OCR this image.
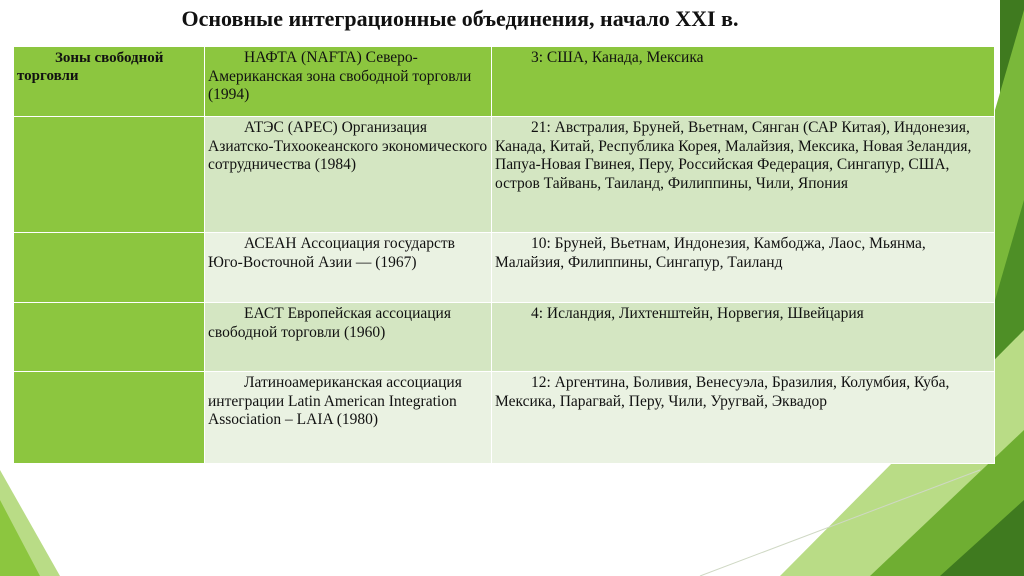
Основные интеграционные объединения, начало XXI в.
Зоны свободной торговли	НАФТА (NAFTA) Северо-Американская зона свободной торговли (1994)	3: США, Канада, Мексика

	АТЭС (APEC) Организация Азиатско-Тихоокеанского экономического сотрудничества (1984)	21: Австралия, Бруней, Вьетнам, Сянган (САР Китая), Индонезия, Канада, Китай, Республика Корея, Малайзия, Мексика, Новая Зеландия, Папуа-Новая Гвинея, Перу, Российская Федерация, Сингапур, США, остров Тайвань, Таиланд, Филиппины, Чили, Япония

	АСЕАН Ассоциация государств Юго-Восточной Азии — (1967)	10: Бруней, Вьетнам, Индонезия, Камбоджа, Лаос, Мьянма, Малайзия, Филиппины, Сингапур, Таиланд

	ЕАСТ Европейская ассоциация свободной торговли (1960)	4: Исландия, Лихтенштейн, Норвегия, Швейцария

	Латиноамериканская ассоциация интеграции Latin American Integration Association – LAIA (1980)	12: Аргентина, Боливия, Венесуэла, Бразилия, Колумбия, Куба, Мексика, Парагвай, Перу, Чили, Уругвай, Эквадор
